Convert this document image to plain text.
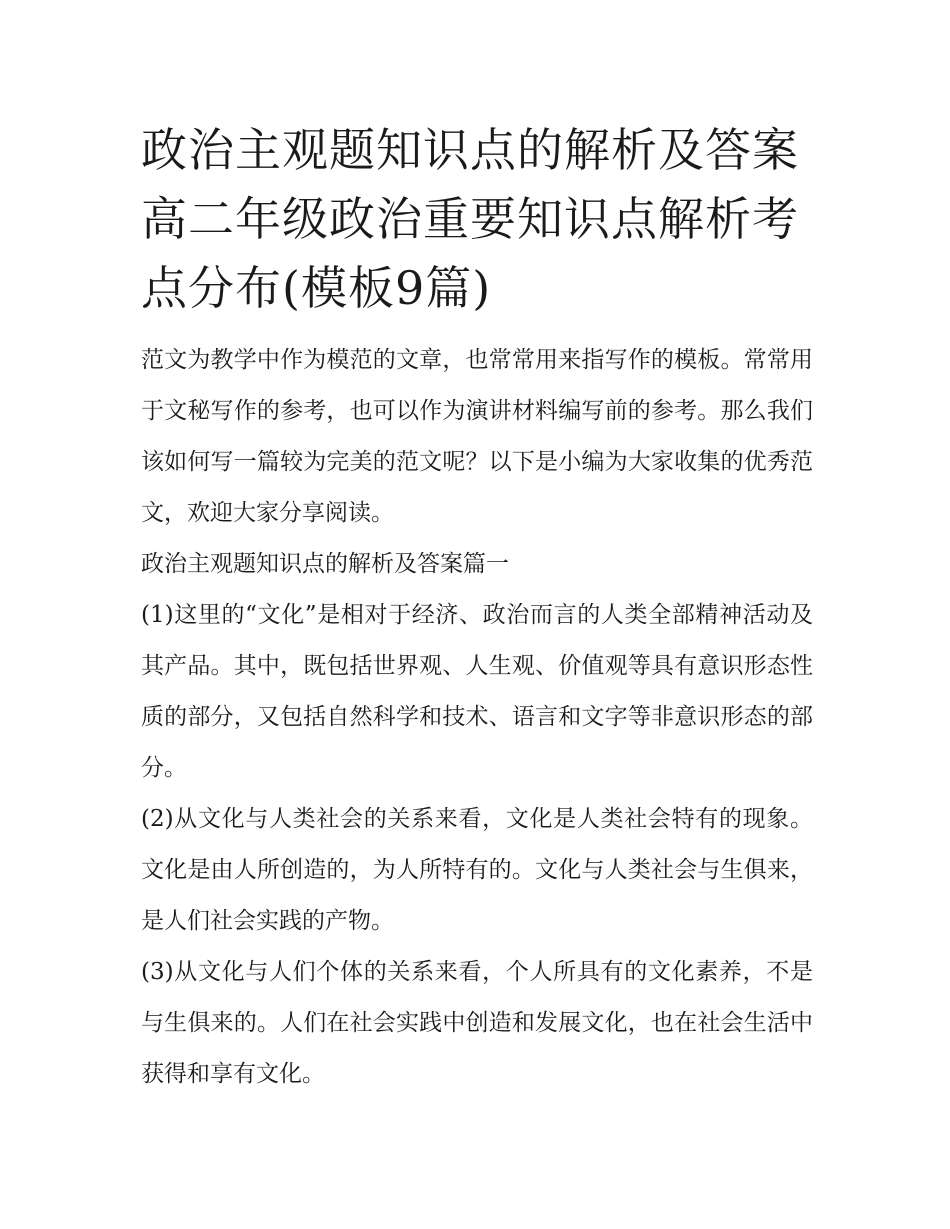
政治主观题知识点的解析及答案 高二年级政治重要知识点解析考点分布(模板9篇)

范文为教学中作为模范的文章，也常常用来指写作的模板。常常用于文秘写作的参考，也可以作为演讲材料编写前的参考。那么我们该如何写一篇较为完美的范文呢？以下是小编为大家收集的优秀范文，欢迎大家分享阅读。

政治主观题知识点的解析及答案篇一

(1)这里的“文化”是相对于经济、政治而言的人类全部精神活动及其产品。其中，既包括世界观、人生观、价值观等具有意识形态性质的部分，又包括自然科学和技术、语言和文字等非意识形态的部分。

(2)从文化与人类社会的关系来看，文化是人类社会特有的现象。文化是由人所创造的，为人所特有的。文化与人类社会与生俱来，是人们社会实践的产物。

(3)从文化与人们个体的关系来看，个人所具有的文化素养，不是与生俱来的。人们在社会实践中创造和发展文化，也在社会生活中获得和享有文化。
